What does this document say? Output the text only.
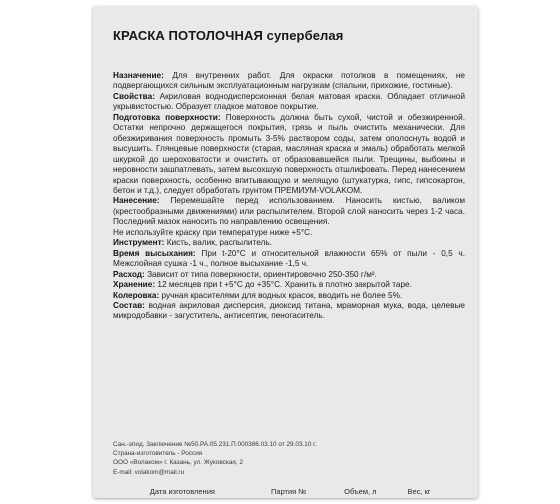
КРАСКА ПОТОЛОЧНАЯ супербелая

Назначение: Для внутренних работ. Для окраски потолков в помещениях, не подвергающихся сильным эксплуатационным нагрузкам (спальни, прихожие, гостиные).

Свойства: Акриловая воднодисперсионная белая матовая краска. Обладает отличной укрывистостью. Образует гладкое матовое покрытие.

Подготовка поверхности: Поверхность должна быть сухой, чистой и обезжиренной. Остатки непрочно держащегося покрытия, грязь и пыль очистить механически. Для обезжиривания поверхность промыть 3-5% раствором соды, затем ополоснуть водой и высушить. Глянцевые поверхности (старая, масляная краска и эмаль) обработать мелкой шкуркой до шероховатости и очистить от образовавшейся пыли. Трещины, выбоины и неровности зашпатлевать, затем высохшую поверхность отшлифовать. Перед нанесением краски поверхность, особенно впитывающую и мелящую (штукатурка, гипс, гипсокартон, бетон и т.д.), следует обработать грунтом ПРЕМИУМ-VOLAKOM.

Нанесение: Перемешайте перед использованием. Наносить кистью, валиком (крестообразными движениями) или распылителем. Второй слой наносить через 1-2 часа. Последний мазок наносить по направлению освещения.
Не используйте краску при температуре ниже +5°С.

Инструмент: Кисть, валик, распылитель.

Время высыхания: При t-20°С и относительной влажности 65% от пыли - 0,5 ч. Межслойная сушка -1 ч., полное высыхание -1,5 ч.

Расход: Зависит от типа поверхности, ориентировочно 250-350 г/м².

Хранение: 12 месяцев при t +5°С до +35°С. Хранить в плотно закрытой таре.

Колеровка: ручная красителями для водных красок, вводить не более 5%.

Состав: водная акриловая дисперсия, диоксид титана, мраморная мука, вода, целевые микродобавки - загуститель, антисептик, пеногаситель.

Сан.-эпид. Заключение №50.РА.05.231.П.000386.03.10 от 29.03.10 г.
Страна-изготовитель - Россия
ООО «Волаком» г. Казань, ул. Жуковская, 2
E-mail: volakom@mail.ru
Дата изготовления	Партия №	Объем, л	Вес, кг
